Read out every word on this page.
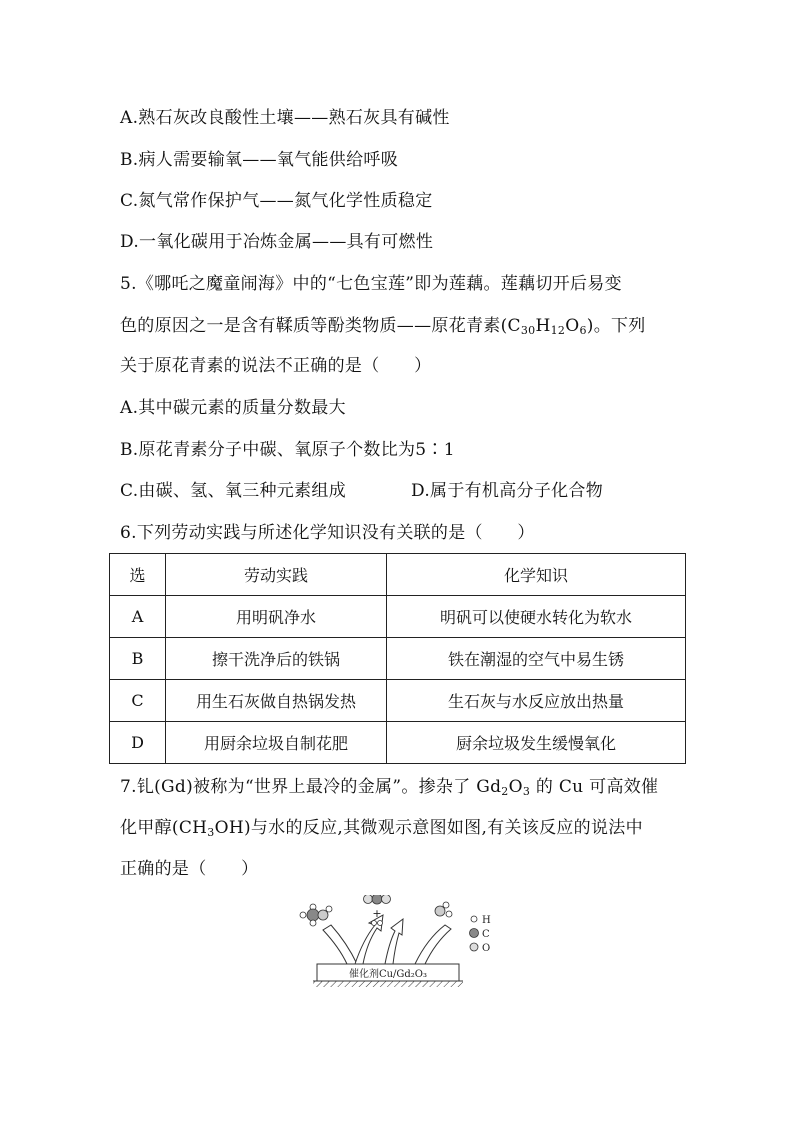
A.熟石灰改良酸性土壤——熟石灰具有碱性
B.病人需要输氧——氧气能供给呼吸
C.氮气常作保护气——氮气化学性质稳定
D.一氧化碳用于冶炼金属——具有可燃性
5.《哪吒之魔童闹海》中的“七色宝莲”即为莲藕。莲藕切开后易变
色的原因之一是含有鞣质等酚类物质——原花青素$(C_{30}H_{12}O_6)$。下列
关于原花青素的说法不正确的是（　　）
A.其中碳元素的质量分数最大
B.原花青素分子中碳、氧原子个数比为5∶1
C.由碳、氢、氧三种元素组成	D.属于有机高分子化合物
6.下列劳动实践与所述化学知识没有关联的是（　　）
选	劳动实践	化学知识
A	用明矾净水	明矾可以使硬水转化为软水
B	擦干洗净后的铁锅	铁在潮湿的空气中易生锈
C	用生石灰做自热锅发热	生石灰与水反应放出热量
D	用厨余垃圾自制花肥	厨余垃圾发生缓慢氧化
7.钆(Gd)被称为“世界上最冷的金属”。掺杂了 $Gd_2O_3$ 的 Cu 可高效催
化甲醇$(CH_3OH)$与水的反应,其微观示意图如图,有关该反应的说法中
正确的是（　　）
催化剂Cu/Gd₂O₃
+
H
C
O
